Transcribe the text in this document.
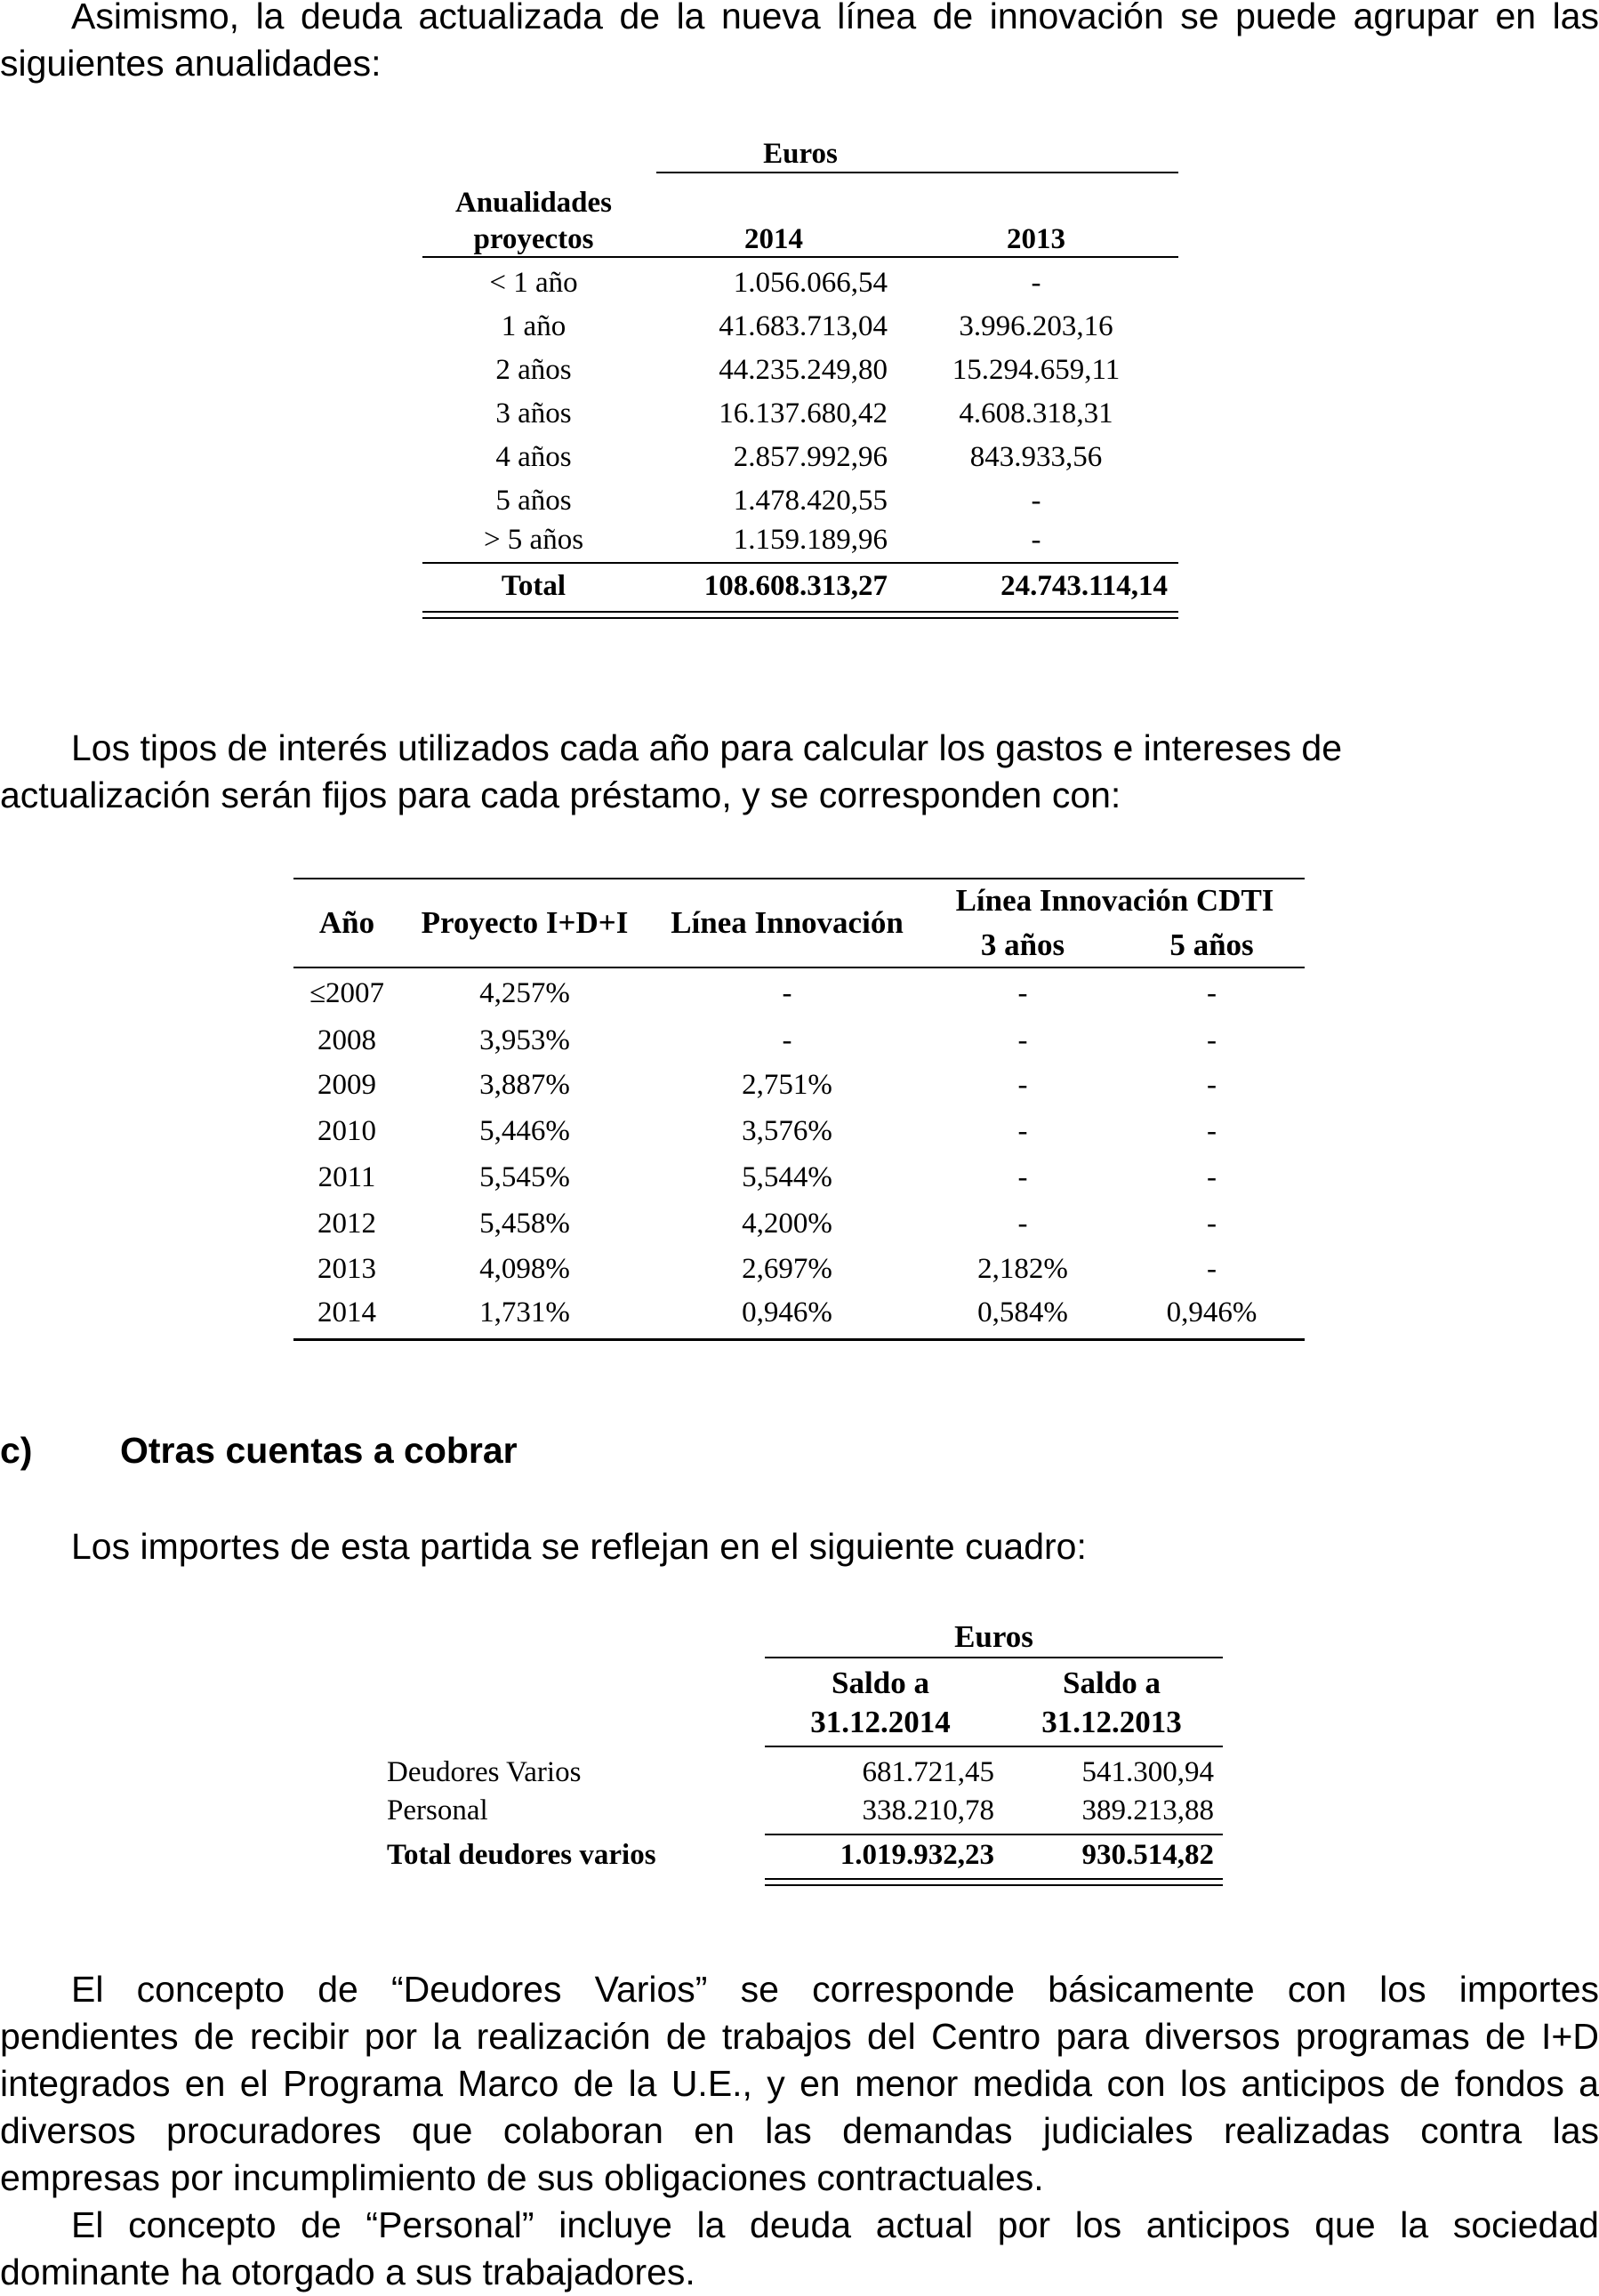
Asimismo, la deuda actualizada de la nueva línea de innovación se puede agrupar en las
siguientes anualidades:
Euros
Anualidades
proyectos	2014	2013
< 1 año	1.056.066,54	-
1 año	41.683.713,04	3.996.203,16
2 años	44.235.249,80	15.294.659,11
3 años	16.137.680,42	4.608.318,31
4 años	2.857.992,96	843.933,56
5 años	1.478.420,55	-
> 5 años	1.159.189,96	-
Total	108.608.313,27	24.743.114,14
Los tipos de interés utilizados cada año para calcular los gastos e intereses de
actualización serán fijos para cada préstamo, y se corresponden con:
Línea Innovación CDTI
Año	Proyecto I+D+I	Línea Innovación
3 años	5 años
≤2007	4,257%	-	-	-
2008	3,953%	-	-	-
2009	3,887%	2,751%	-	-
2010	5,446%	3,576%	-	-
2011	5,545%	5,544%	-	-
2012	5,458%	4,200%	-	-
2013	4,098%	2,697%	2,182%	-
2014	1,731%	0,946%	0,584%	0,946%
c) Otras cuentas a cobrar
Los importes de esta partida se reflejan en el siguiente cuadro:
Euros
Saldo a
31.12.2014
Saldo a
31.12.2013
Deudores Varios	681.721,45	541.300,94
Personal	338.210,78	389.213,88
Total deudores varios	1.019.932,23	930.514,82
El concepto de “Deudores Varios” se corresponde básicamente con los importes
pendientes de recibir por la realización de trabajos del Centro para diversos programas de I+D
integrados en el Programa Marco de la U.E., y en menor medida con los anticipos de fondos a
diversos procuradores que colaboran en las demandas judiciales realizadas contra las
empresas por incumplimiento de sus obligaciones contractuales.
El concepto de “Personal” incluye la deuda actual por los anticipos que la sociedad
dominante ha otorgado a sus trabajadores.
